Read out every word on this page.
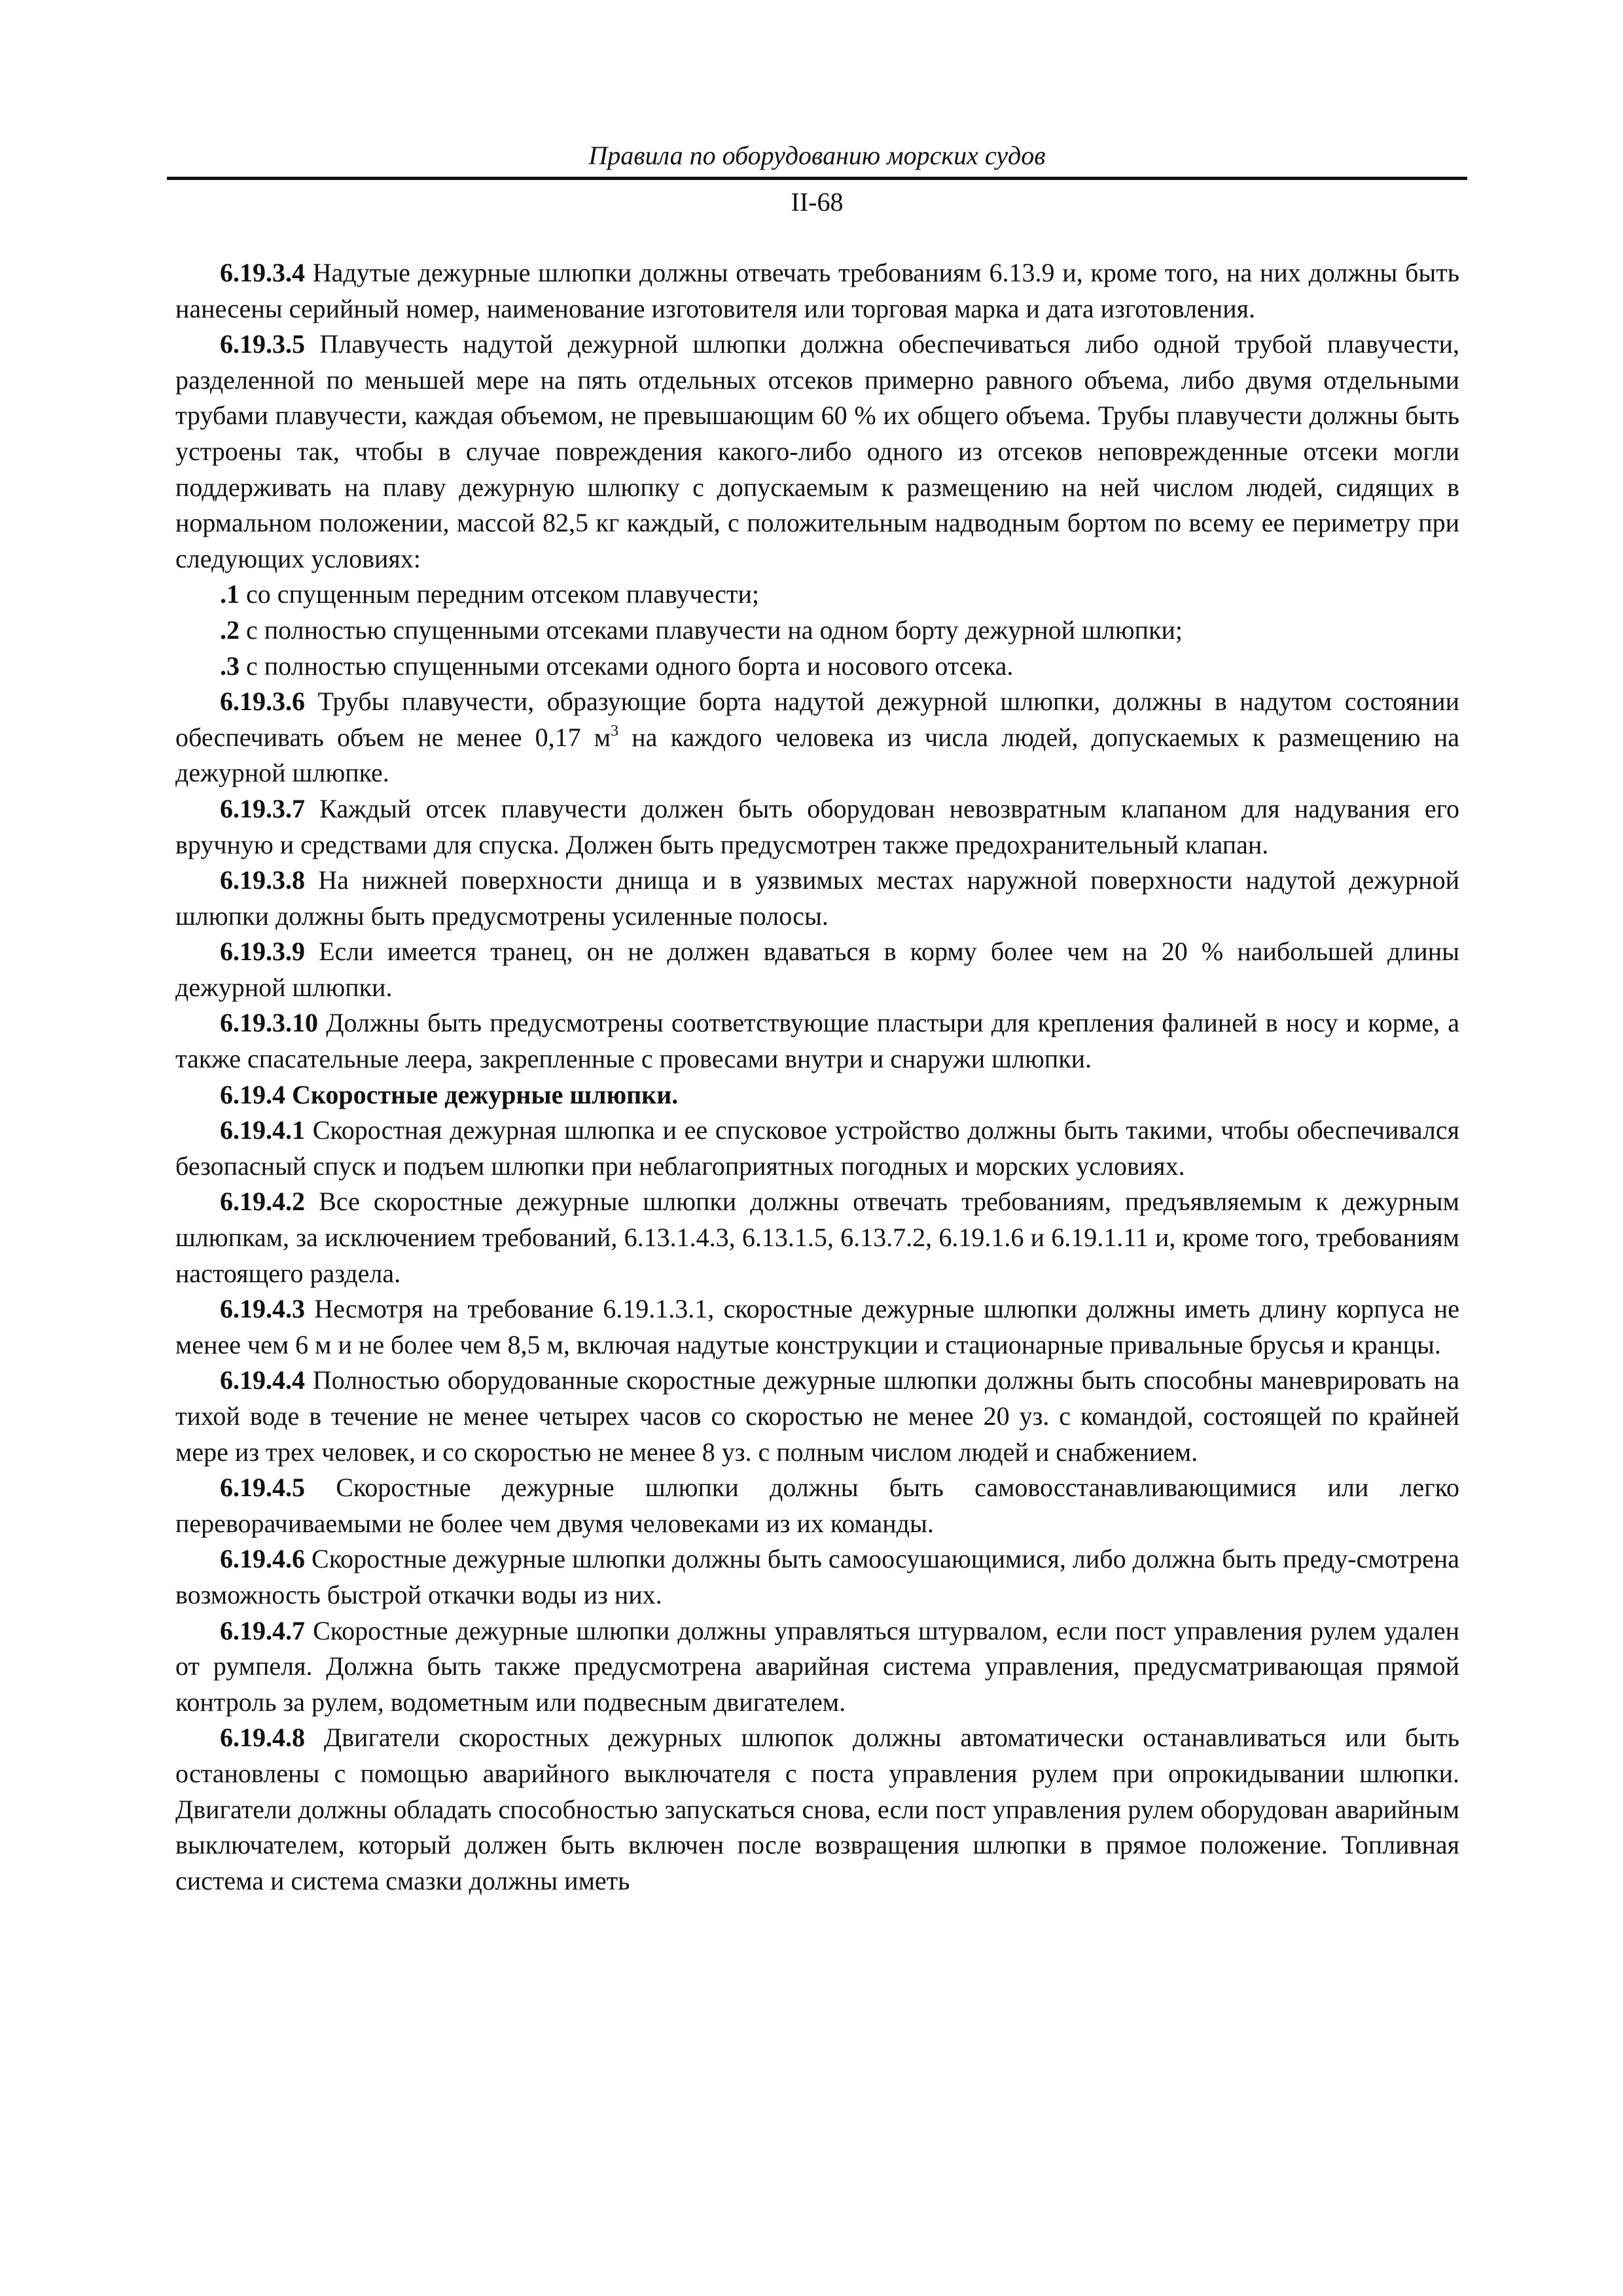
Правила по оборудованию морских судов
II-68

6.19.3.4 Надутые дежурные шлюпки должны отвечать требованиям 6.13.9 и, кроме того, на них должны быть нанесены серийный номер, наименование изготовителя или торговая марка и дата изготовления.

6.19.3.5 Плавучесть надутой дежурной шлюпки должна обеспечиваться либо одной трубой плавучести, разделенной по меньшей мере на пять отдельных отсеков примерно равного объема, либо двумя отдельными трубами плавучести, каждая объемом, не превышающим 60 % их общего объема. Трубы плавучести должны быть устроены так, чтобы в случае повреждения какого-либо одного из отсеков неповрежденные отсеки могли поддерживать на плаву дежурную шлюпку с допускаемым к размещению на ней числом людей, сидящих в нормальном положении, массой 82,5 кг каждый, с положительным надводным бортом по всему ее периметру при следующих условиях:

.1 со спущенным передним отсеком плавучести;

.2 с полностью спущенными отсеками плавучести на одном борту дежурной шлюпки;

.3 с полностью спущенными отсеками одного борта и носового отсека.

6.19.3.6 Трубы плавучести, образующие борта надутой дежурной шлюпки, должны в надутом состоянии обеспечивать объем не менее 0,17 $м^3$ на каждого человека из числа людей, допускаемых к размещению на дежурной шлюпке.

6.19.3.7 Каждый отсек плавучести должен быть оборудован невозвратным клапаном для надувания его вручную и средствами для спуска. Должен быть предусмотрен также предохранительный клапан.

6.19.3.8 На нижней поверхности днища и в уязвимых местах наружной поверхности надутой дежурной шлюпки должны быть предусмотрены усиленные полосы.

6.19.3.9 Если имеется транец, он не должен вдаваться в корму более чем на 20 % наибольшей длины дежурной шлюпки.

6.19.3.10 Должны быть предусмотрены соответствующие пластыри для крепления фалиней в носу и корме, а также спасательные леера, закрепленные с провесами внутри и снаружи шлюпки.

6.19.4 Скоростные дежурные шлюпки.

6.19.4.1 Скоростная дежурная шлюпка и ее спусковое устройство должны быть такими, чтобы обеспечивался безопасный спуск и подъем шлюпки при неблагоприятных погодных и морских условиях.

6.19.4.2 Все скоростные дежурные шлюпки должны отвечать требованиям, предъявляемым к дежурным шлюпкам, за исключением требований, 6.13.1.4.3, 6.13.1.5, 6.13.7.2, 6.19.1.6 и 6.19.1.11 и, кроме того, требованиям настоящего раздела.

6.19.4.3 Несмотря на требование 6.19.1.3.1, скоростные дежурные шлюпки должны иметь длину корпуса не менее чем 6 м и не более чем 8,5 м, включая надутые конструкции и стационарные привальные брусья и кранцы.

6.19.4.4 Полностью оборудованные скоростные дежурные шлюпки должны быть способны маневрировать на тихой воде в течение не менее четырех часов со скоростью не менее 20 уз. с командой, состоящей по крайней мере из трех человек, и со скоростью не менее 8 уз. с полным числом людей и снабжением.

6.19.4.5 Скоростные дежурные шлюпки должны быть самовосстанавливающимися или легко переворачиваемыми не более чем двумя человеками из их команды.

6.19.4.6 Скоростные дежурные шлюпки должны быть самоосушающимися, либо должна быть преду-смотрена возможность быстрой откачки воды из них.

6.19.4.7 Скоростные дежурные шлюпки должны управляться штурвалом, если пост управления рулем удален от румпеля. Должна быть также предусмотрена аварийная система управления, предусматривающая прямой контроль за рулем, водометным или подвесным двигателем.

6.19.4.8 Двигатели скоростных дежурных шлюпок должны автоматически останавливаться или быть остановлены с помощью аварийного выключателя с поста управления рулем при опрокидывании шлюпки. Двигатели должны обладать способностью запускаться снова, если пост управления рулем оборудован аварийным выключателем, который должен быть включен после возвращения шлюпки в прямое положение. Топливная система и система смазки должны иметь
